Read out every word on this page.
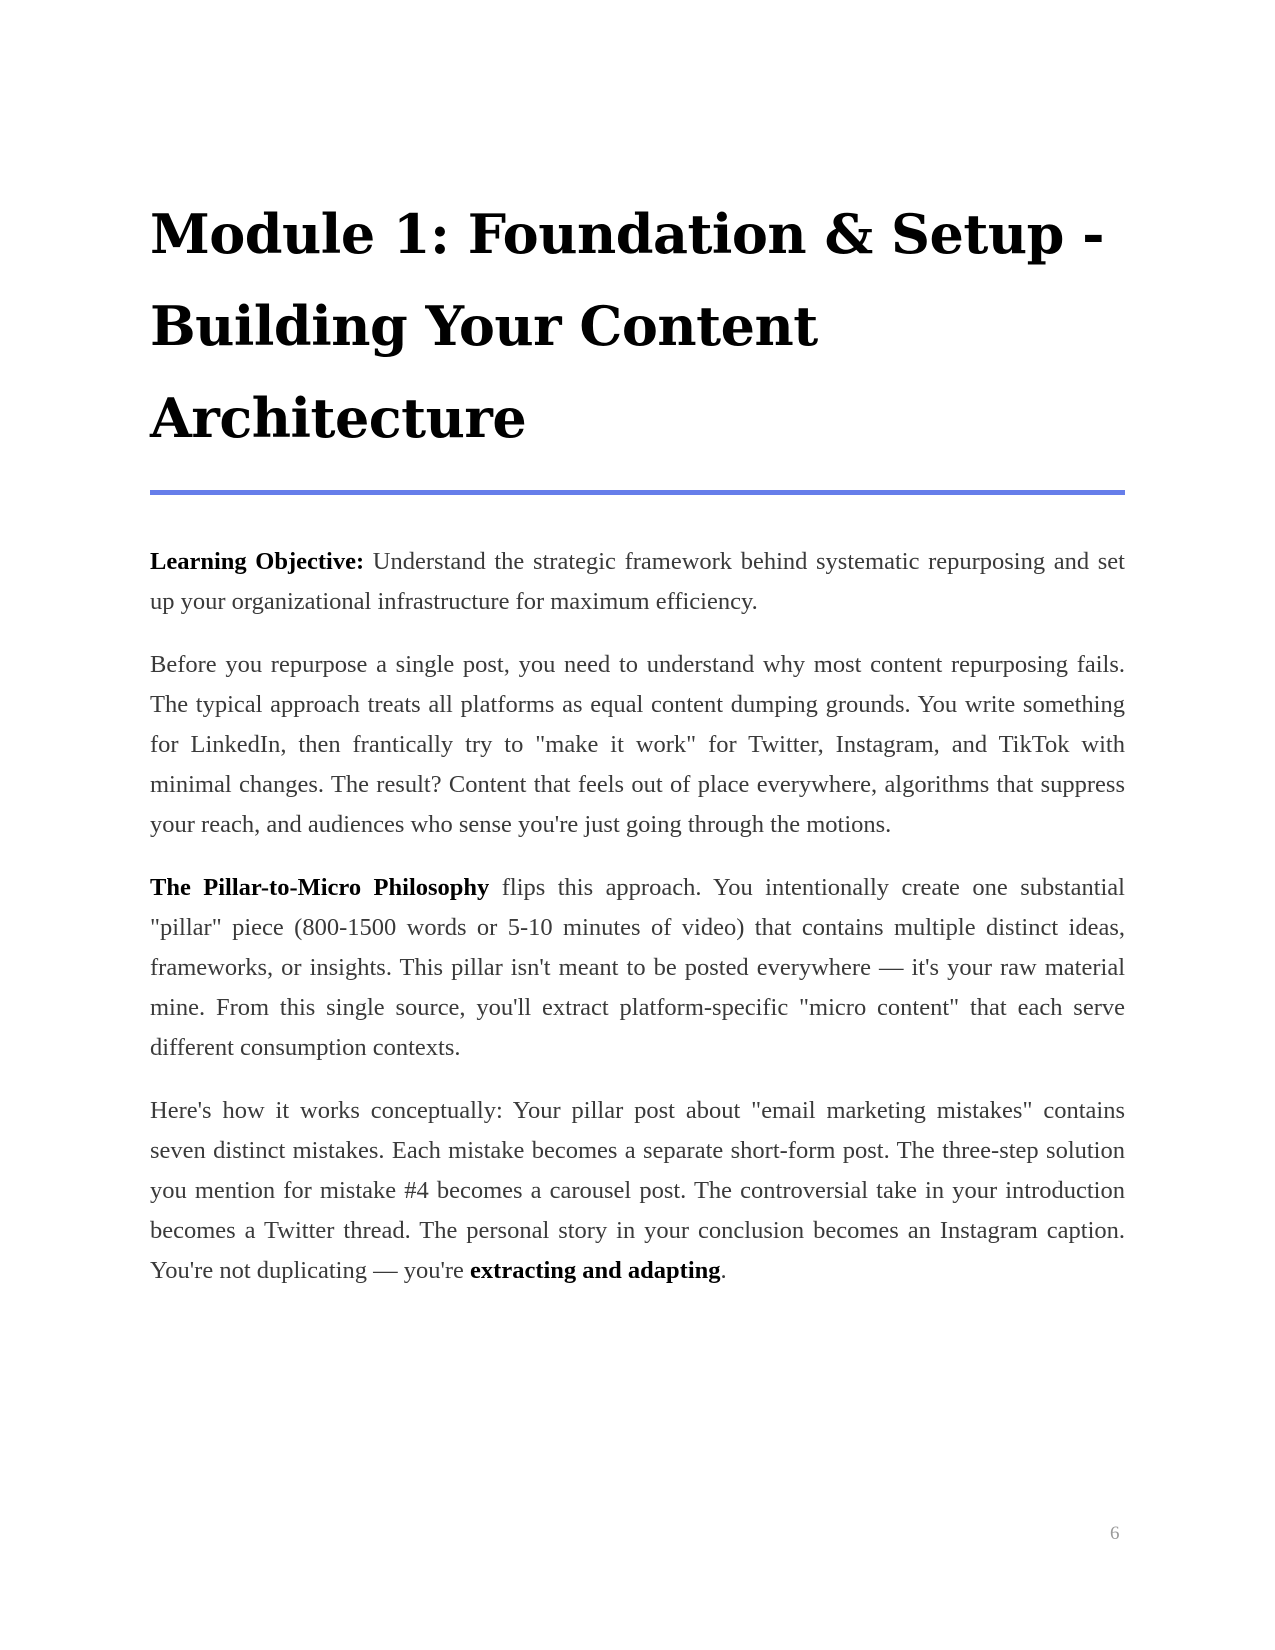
Module 1: Foundation & Setup - Building Your Content Architecture

Learning Objective: Understand the strategic framework behind systematic repurposing and set up your organizational infrastructure for maximum efficiency.

Before you repurpose a single post, you need to understand why most content repurposing fails. The typical approach treats all platforms as equal content dumping grounds. You write something for LinkedIn, then frantically try to "make it work" for Twitter, Instagram, and TikTok with minimal changes. The result? Content that feels out of place everywhere, algorithms that suppress your reach, and audiences who sense you're just going through the motions.

The Pillar-to-Micro Philosophy flips this approach. You intentionally create one substantial "pillar" piece (800-1500 words or 5-10 minutes of video) that contains multiple distinct ideas, frameworks, or insights. This pillar isn't meant to be posted everywhere — it's your raw material mine. From this single source, you'll extract platform-specific "micro content" that each serve different consumption contexts.

Here's how it works conceptually: Your pillar post about "email marketing mistakes" contains seven distinct mistakes. Each mistake becomes a separate short-form post. The three-step solution you mention for mistake #4 becomes a carousel post. The controversial take in your introduction becomes a Twitter thread. The personal story in your conclusion becomes an Instagram caption. You're not duplicating — you're extracting and adapting.

6
